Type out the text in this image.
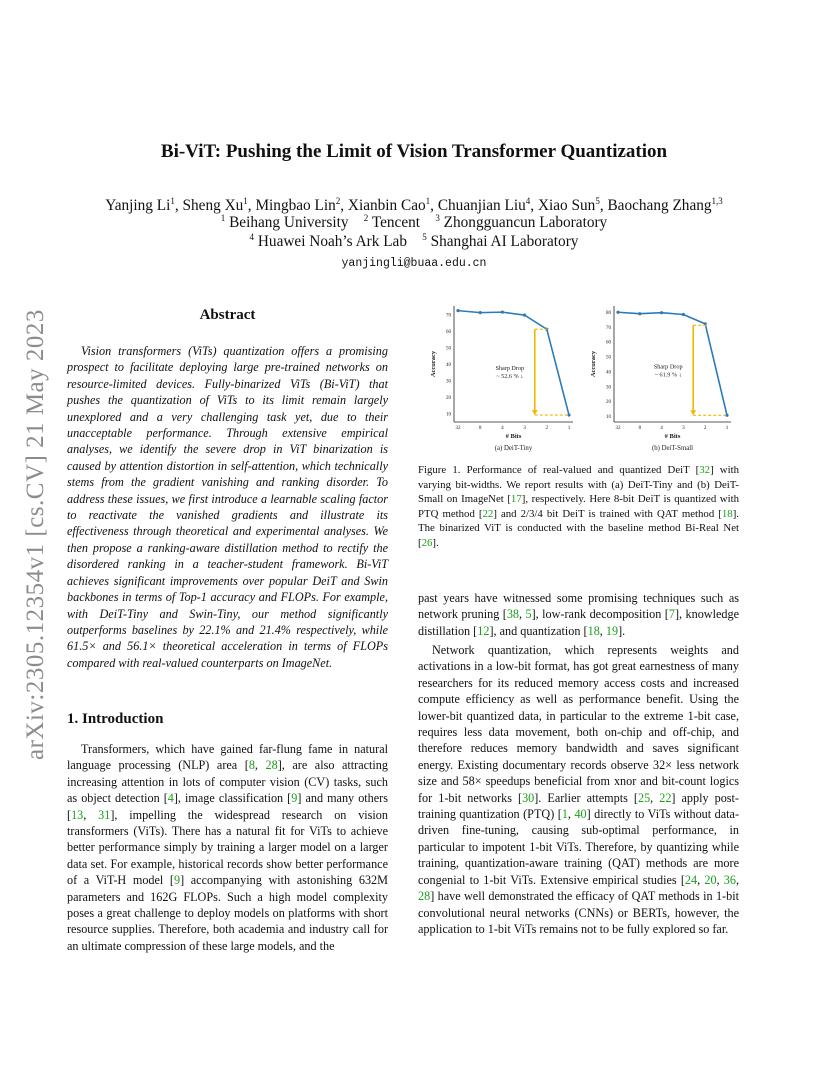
arXiv:2305.12354v1 [cs.CV] 21 May 2023
Bi-ViT: Pushing the Limit of Vision Transformer Quantization
Yanjing Li$^1$, Sheng Xu$^1$, Mingbao Lin$^2$, Xianbin Cao$^1$, Chuanjian Liu$^4$, Xiao Sun$^5$, Baochang Zhang$^{1,3}$
$^1$ Beihang University $^2$ Tencent $^3$ Zhongguancun Laboratory
$^4$ Huawei Noah’s Ark Lab $^5$ Shanghai AI Laboratory
yanjingli@buaa.edu.cn
Abstract
Vision transformers (ViTs) quantization offers a promising prospect to facilitate deploying large pre-trained networks on resource-limited devices. Fully-binarized ViTs (Bi-ViT) that pushes the quantization of ViTs to its limit remain largely unexplored and a very challenging task yet, due to their unacceptable performance. Through extensive empirical analyses, we identify the severe drop in ViT binarization is caused by attention distortion in self-attention, which technically stems from the gradient vanishing and ranking disorder. To address these issues, we first introduce a learnable scaling factor to reactivate the vanished gradients and illustrate its effectiveness through theoretical and experimental analyses. We then propose a ranking-aware distillation method to rectify the disordered ranking in a teacher-student framework. Bi-ViT achieves significant improvements over popular DeiT and Swin backbones in terms of Top-1 accuracy and FLOPs. For example, with DeiT-Tiny and Swin-Tiny, our method significantly outperforms baselines by 22.1% and 21.4% respectively, while 61.5× and 56.1× theoretical acceleration in terms of FLOPs compared with real-valued counterparts on ImageNet.
1. Introduction
Transformers, which have gained far-flung fame in natural language processing (NLP) area [8, 28], are also attracting increasing attention in lots of computer vision (CV) tasks, such as object detection [4], image classification [9] and many others [13, 31], impelling the widespread research on vision transformers (ViTs). There has a natural fit for ViTs to achieve better performance simply by training a larger model on a larger data set. For example, historical records show better performance of a ViT-H model [9] accompanying with astonishing 632M parameters and 162G FLOPs. Such a high model complexity poses a great challenge to deploy models on platforms with short resource supplies. Therefore, both academia and industry call for an ultimate compression of these large models, and the
10
20
30
40
50
60
70
32	8	4	3	2	1
# Bits
Accuracy	Sharp Drop
~ 52.6 % ↓
(a) DeiT-Tiny
10
20
30
40
50
60
70
80
32	8	4	3	2	1
# Bits
Accuracy	Sharp Drop
~ 61.9 % ↓
(b) DeiT-Small
Figure 1. Performance of real-valued and quantized DeiT [32] with varying bit-widths. We report results with (a) DeiT-Tiny and (b) DeiT-Small on ImageNet [17], respectively. Here 8-bit DeiT is quantized with PTQ method [22] and 2/3/4 bit DeiT is trained with QAT method [18]. The binarized ViT is conducted with the baseline method Bi-Real Net [26].
past years have witnessed some promising techniques such as network pruning [38, 5], low-rank decomposition [7], knowledge distillation [12], and quantization [18, 19].
Network quantization, which represents weights and activations in a low-bit format, has got great earnestness of many researchers for its reduced memory access costs and increased compute efficiency as well as performance benefit. Using the lower-bit quantized data, in particular to the extreme 1-bit case, requires less data movement, both on-chip and off-chip, and therefore reduces memory bandwidth and saves significant energy. Existing documentary records observe 32× less network size and 58× speedups beneficial from xnor and bit-count logics for 1-bit networks [30]. Earlier attempts [25, 22] apply post-training quantization (PTQ) [1, 40] directly to ViTs without data-driven fine-tuning, causing sub-optimal performance, in particular to impotent 1-bit ViTs. Therefore, by quantizing while training, quantization-aware training (QAT) methods are more congenial to 1-bit ViTs. Extensive empirical studies [24, 20, 36, 28] have well demonstrated the efficacy of QAT methods in 1-bit convolutional neural networks (CNNs) or BERTs, however, the application to 1-bit ViTs remains not to be fully explored so far.
